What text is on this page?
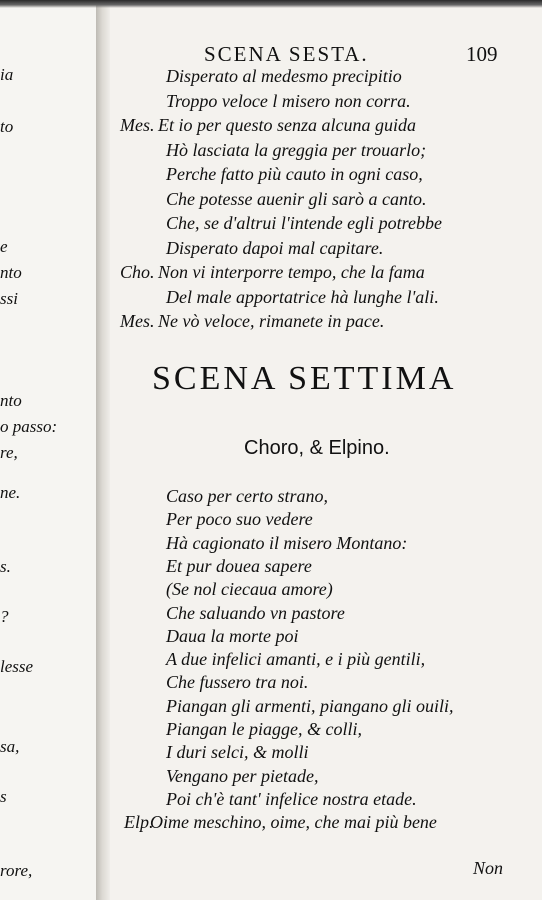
ia
to
e
nto
ssi
nto
o passo:
re,
ne.
s.
?
lesse
sa,
s
rore,
SCENA SESTA.	109
Disperato al medesmo precipitio
Troppo veloce l misero non corra.
Mes. Et io per questo senza alcuna guida
Hò lasciata la greggia per trouarlo;
Perche fatto più cauto in ogni caso,
Che potesse auenir gli sarò a canto.
Che, se d'altrui l'intende egli potrebbe
Disperato dapoi mal capitare.
Cho. Non vi interporre tempo, che la fama
Del male apportatrice hà lunghe l'ali.
Mes. Ne vò veloce, rimanete in pace.
SCENA SETTIMA
Choro, & Elpino.
Caso per certo strano,
Per poco suo vedere
Hà cagionato il misero Montano:
Et pur douea sapere
(Se nol ciecaua amore)
Che saluando vn pastore
Daua la morte poi
A due infelici amanti, e i più gentili,
Che fussero tra noi.
Piangan gli armenti, piangano gli ouili,
Piangan le piagge, & colli,
I duri selci, & molli
Vengano per pietade,
Poi ch'è tant' infelice nostra etade.
Elp.
Oime meschino, oime, che mai più bene
Non
